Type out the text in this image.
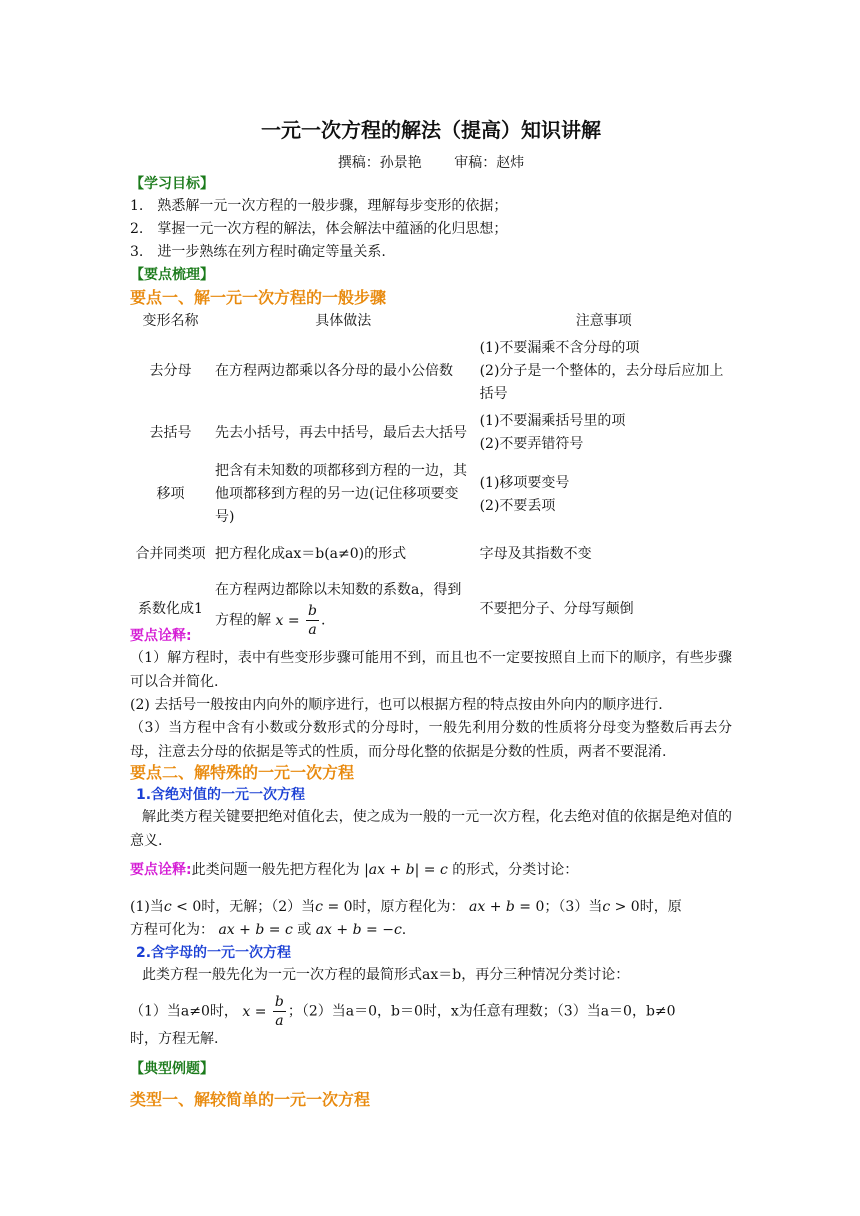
一元一次方程的解法（提高）知识讲解
撰稿：孙景艳 审稿：赵炜
【学习目标】
1.　熟悉解一元一次方程的一般步骤，理解每步变形的依据；
2.　掌握一元一次方程的解法，体会解法中蕴涵的化归思想；
3.　进一步熟练在列方程时确定等量关系.
【要点梳理】
要点一、解一元一次方程的一般步骤
变形名称	具体做法	注意事项
去分母	在方程两边都乘以各分母的最小公倍数	(1)不要漏乘不含分母的项
(2)分子是一个整体的，去分母后应加上括号
去括号	先去小括号，再去中括号，最后去大括号	(1)不要漏乘括号里的项
(2)不要弄错符号
移项	把含有未知数的项都移到方程的一边，其他项都移到方程的另一边(记住移项要变号)	(1)移项要变号
(2)不要丢项
合并同类项	把方程化成ax＝b(a≠0)的形式	字母及其指数不变
系数化成1	在方程两边都除以未知数的系数a，得到方程的解 $x = \frac{b}{a}$ .	不要把分子、分母写颠倒
要点诠释:
（1）解方程时，表中有些变形步骤可能用不到，而且也不一定要按照自上而下的顺序，有些步骤可以合并简化.
(2) 去括号一般按由内向外的顺序进行，也可以根据方程的特点按由外向内的顺序进行.
（3）当方程中含有小数或分数形式的分母时，一般先利用分数的性质将分母变为整数后再去分母，注意去分母的依据是等式的性质，而分母化整的依据是分数的性质，两者不要混淆.
要点二、解特殊的一元一次方程
1.含绝对值的一元一次方程
解此类方程关键要把绝对值化去，使之成为一般的一元一次方程，化去绝对值的依据是绝对值的意义.
要点诠释:此类问题一般先把方程化为 |ax + b| = c 的形式，分类讨论：
(1)当c < 0时，无解；（2）当c = 0时，原方程化为： ax + b = 0；（3）当c > 0时，原
方程可化为： ax + b = c 或 ax + b = −c.
2.含字母的一元一次方程
此类方程一般先化为一元一次方程的最简形式ax＝b，再分三种情况分类讨论：
（1）当a≠0时， $x = \frac{b}{a}$ ；（2）当a＝0，b＝0时，x为任意有理数；（3）当a＝0，b≠0
时，方程无解.
【典型例题】
类型一、解较简单的一元一次方程
